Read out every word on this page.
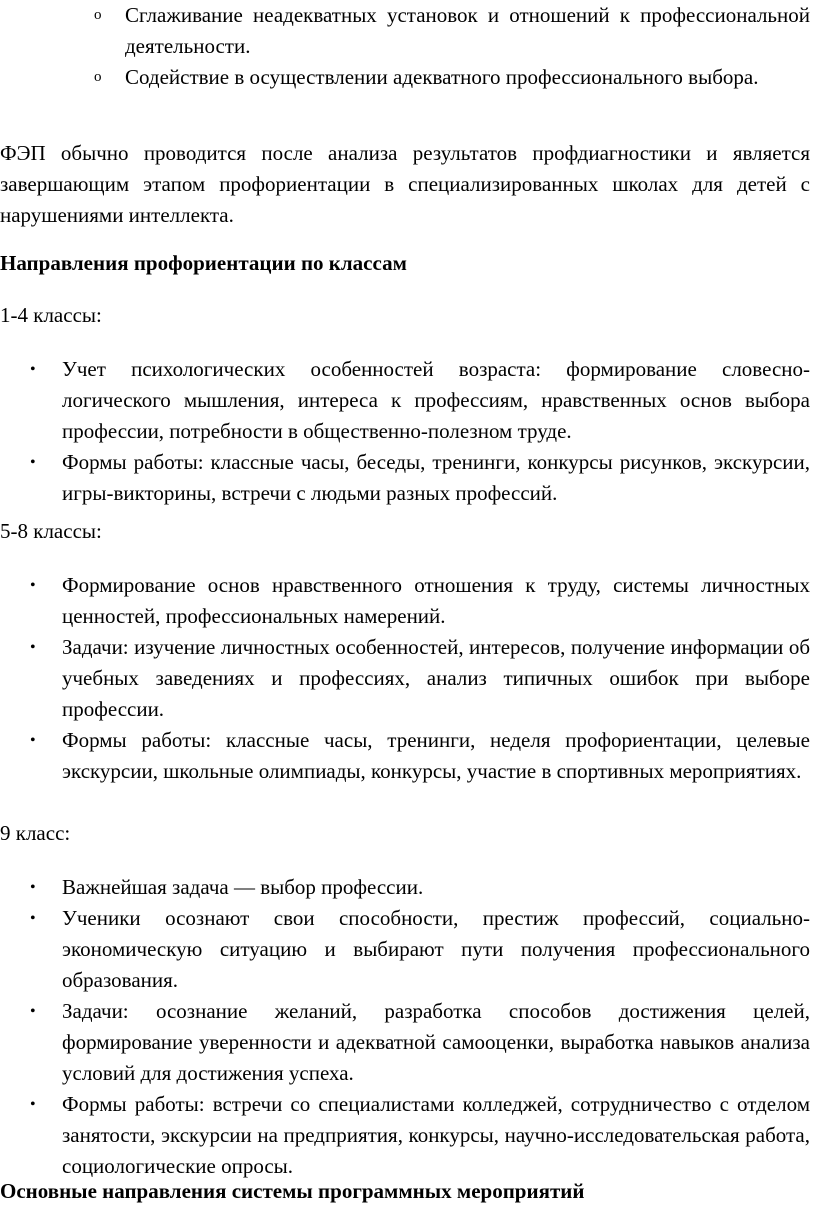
o Сглаживание неадекватных установок и отношений к профессиональной деятельности.
o Содействие в осуществлении адекватного профессионального выбора.

ФЭП обычно проводится после анализа результатов профдиагностики и является завершающим этапом профориентации в специализированных школах для детей с нарушениями интеллекта.

Направления профориентации по классам

1-4 классы:

• Учет психологических особенностей возраста: формирование словесно-логического мышления, интереса к профессиям, нравственных основ выбора профессии, потребности в общественно-полезном труде.
• Формы работы: классные часы, беседы, тренинги, конкурсы рисунков, экскурсии, игры-викторины, встречи с людьми разных профессий.

5-8 классы:

• Формирование основ нравственного отношения к труду, системы личностных ценностей, профессиональных намерений.
• Задачи: изучение личностных особенностей, интересов, получение информации об учебных заведениях и профессиях, анализ типичных ошибок при выборе профессии.
• Формы работы: классные часы, тренинги, неделя профориентации, целевые экскурсии, школьные олимпиады, конкурсы, участие в спортивных мероприятиях.

9 класс:

• Важнейшая задача — выбор профессии.
• Ученики осознают свои способности, престиж профессий, социально-экономическую ситуацию и выбирают пути получения профессионального образования.
• Задачи: осознание желаний, разработка способов достижения целей, формирование уверенности и адекватной самооценки, выработка навыков анализа условий для достижения успеха.
• Формы работы: встречи со специалистами колледжей, сотрудничество с отделом занятости, экскурсии на предприятия, конкурсы, научно-исследовательская работа, социологические опросы.

Основные направления системы программных мероприятий
